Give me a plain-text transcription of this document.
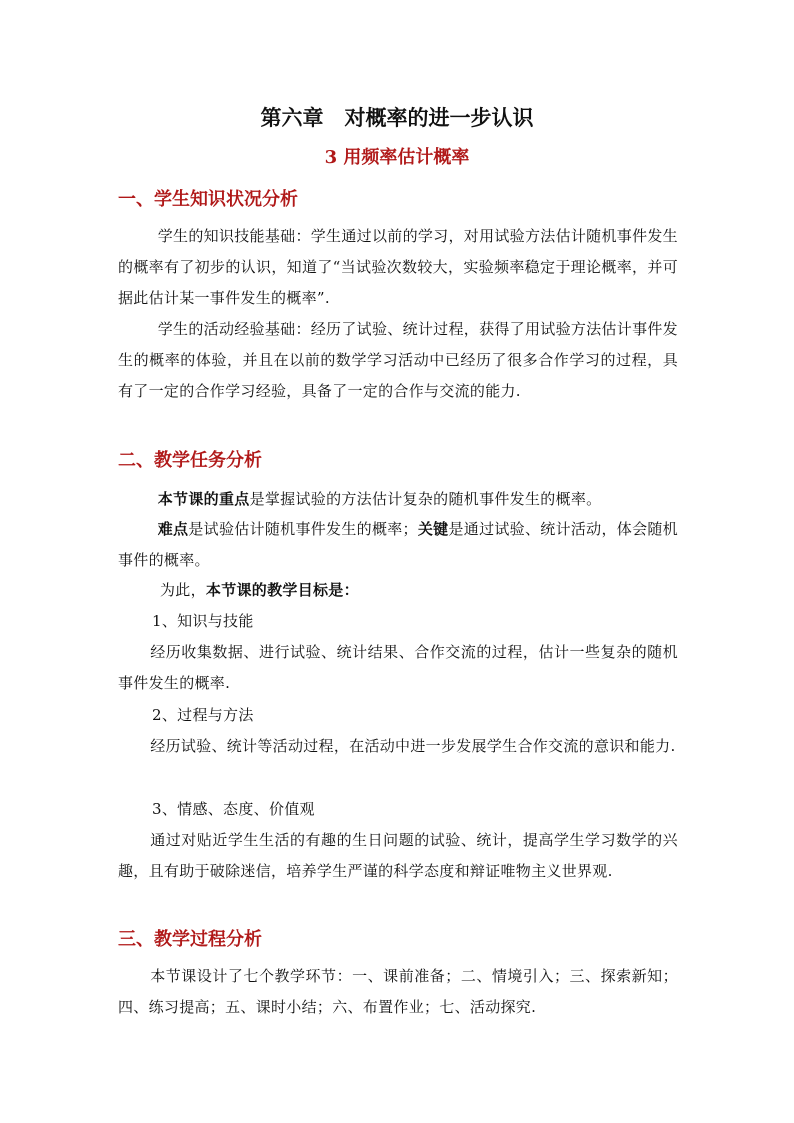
第六章　对概率的进一步认识
3 用频率估计概率
一、学生知识状况分析
学生的知识技能基础：学生通过以前的学习，对用试验方法估计随机事件发生的概率有了初步的认识，知道了“当试验次数较大，实验频率稳定于理论概率，并可据此估计某一事件发生的概率”.
学生的活动经验基础：经历了试验、统计过程，获得了用试验方法估计事件发生的概率的体验，并且在以前的数学学习活动中已经历了很多合作学习的过程，具有了一定的合作学习经验，具备了一定的合作与交流的能力.
二、教学任务分析
本节课的重点是掌握试验的方法估计复杂的随机事件发生的概率。
难点是试验估计随机事件发生的概率；关键是通过试验、统计活动，体会随机事件的概率。
为此，本节课的教学目标是：
1、知识与技能
经历收集数据、进行试验、统计结果、合作交流的过程，估计一些复杂的随机事件发生的概率.
2、过程与方法
经历试验、统计等活动过程，在活动中进一步发展学生合作交流的意识和能力.
3、情感、态度、价值观
通过对贴近学生生活的有趣的生日问题的试验、统计，提高学生学习数学的兴趣，且有助于破除迷信，培养学生严谨的科学态度和辩证唯物主义世界观.
三、教学过程分析
本节课设计了七个教学环节：一、课前准备；二、情境引入；三、探索新知；四、练习提高；五、课时小结；六、布置作业；七、活动探究.
